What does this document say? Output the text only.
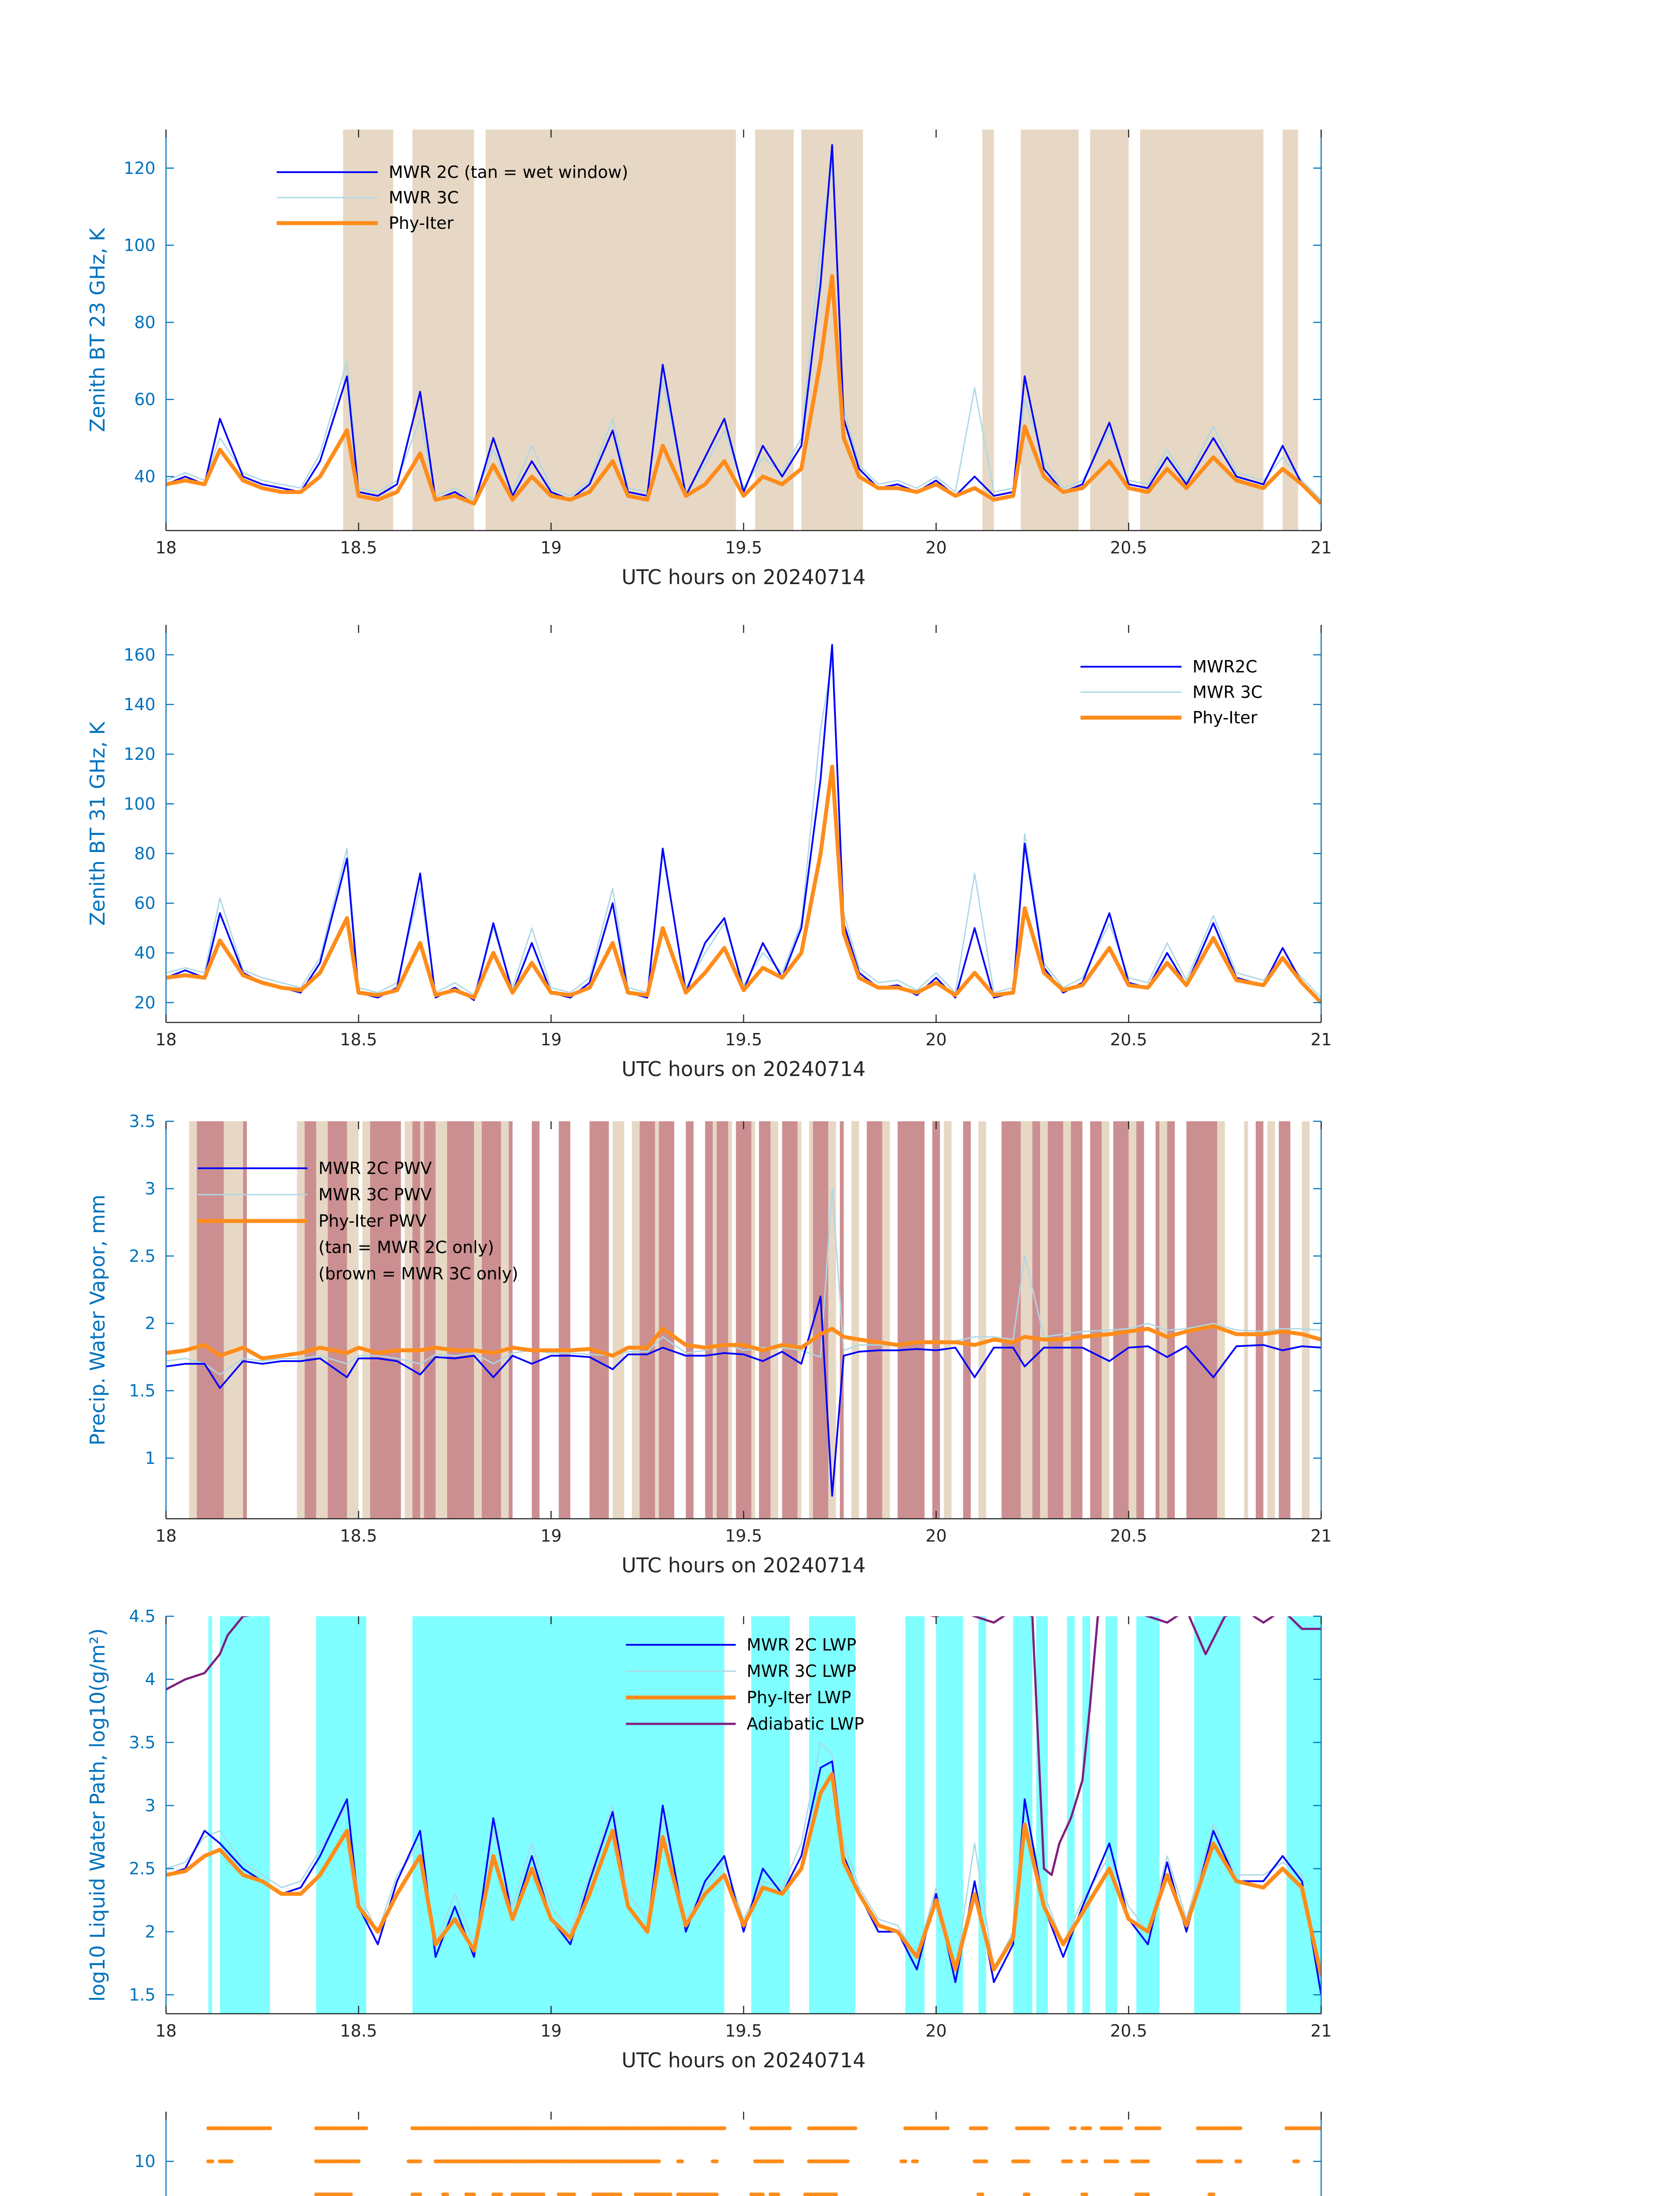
18	18.5	19	19.5	20	20.5	21
40
60
80
100
120
UTC hours on 20240714
Zenith BT 23 GHz, K
MWR 2C (tan = wet window)
MWR 3C
Phy-Iter
18	18.5	19	19.5	20	20.5	21
20
40
60
80
100
120
140
160
UTC hours on 20240714
Zenith BT 31 GHz, K
MWR2C
MWR 3C
Phy-Iter
18	18.5	19	19.5	20	20.5	21
1
1.5
2
2.5
3
3.5
UTC hours on 20240714
Precip. Water Vapor, mm
MWR 2C PWV
MWR 3C PWV
Phy-Iter PWV
(tan = MWR 2C only)
(brown = MWR 3C only)
18	18.5	19	19.5	20	20.5	21
1.5
2
2.5
3
3.5
4
4.5
UTC hours on 20240714
log10 Liquid Water Path, log10(g/m²)	MWR 2C LWP
MWR 3C LWP
Phy-Iter LWP
Adiabatic LWP
10
